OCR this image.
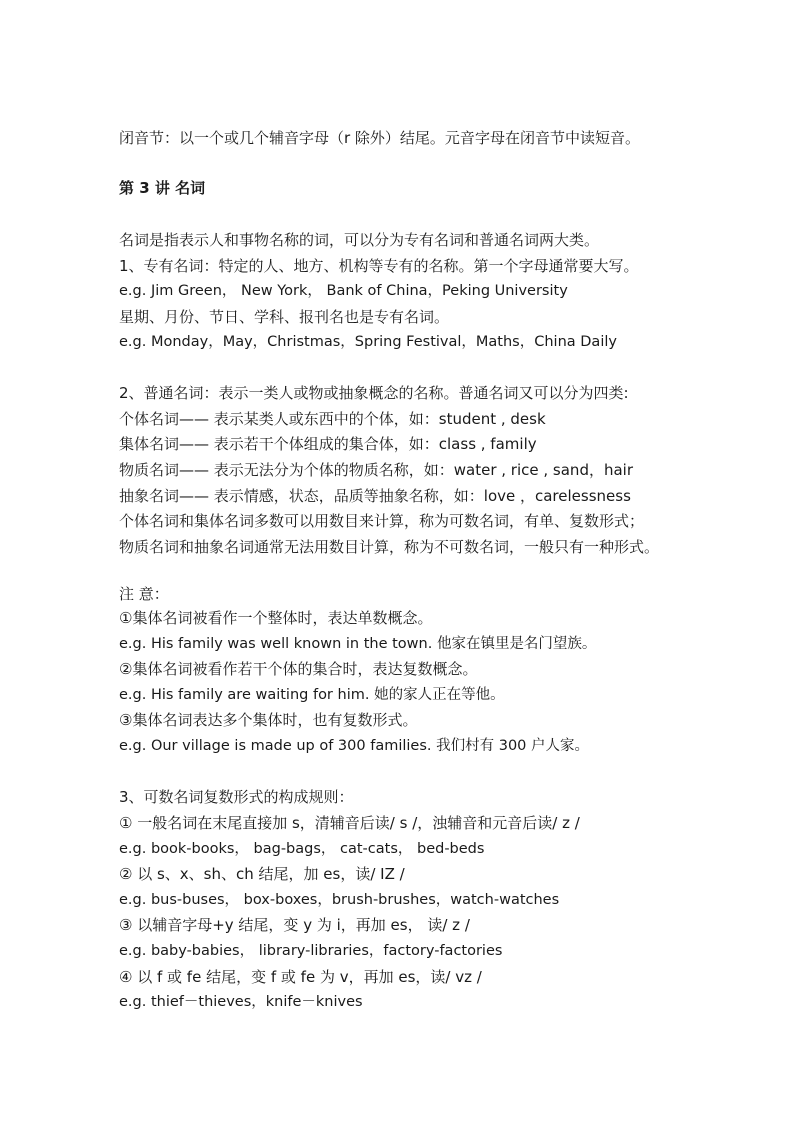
闭音节：以一个或几个辅音字母（r 除外）结尾。元音字母在闭音节中读短音。
第 3 讲 名词
名词是指表示人和事物名称的词，可以分为专有名词和普通名词两大类。
1、专有名词：特定的人、地方、机构等专有的名称。第一个字母通常要大写。
e.g. Jim Green， New York， Bank of China，Peking University
星期、月份、节日、学科、报刊名也是专有名词。
e.g. Monday，May，Christmas，Spring Festival，Maths，China Daily
2、普通名词：表示一类人或物或抽象概念的名称。普通名词又可以分为四类:
个体名词—— 表示某类人或东西中的个体，如：student , desk
集体名词—— 表示若干个体组成的集合体，如：class , family
物质名词—— 表示无法分为个体的物质名称，如：water , rice , sand，hair
抽象名词—— 表示情感，状态，品质等抽象名称，如：love ，carelessness
个体名词和集体名词多数可以用数目来计算，称为可数名词，有单、复数形式；
物质名词和抽象名词通常无法用数目计算，称为不可数名词，一般只有一种形式。
注 意：
①集体名词被看作一个整体时，表达单数概念。
e.g. His family was well known in the town. 他家在镇里是名门望族。
②集体名词被看作若干个体的集合时，表达复数概念。
e.g. His family are waiting for him. 她的家人正在等他。
③集体名词表达多个集体时，也有复数形式。
e.g. Our village is made up of 300 families. 我们村有 300 户人家。
3、可数名词复数形式的构成规则：
① 一般名词在末尾直接加 s，清辅音后读/ s /，浊辅音和元音后读/ z /
e.g. book-books， bag-bags， cat-cats， bed-beds
② 以 s、x、sh、ch 结尾，加 es，读/ IZ /
e.g. bus-buses， box-boxes，brush-brushes，watch-watches
③ 以辅音字母+y 结尾，变 y 为 i，再加 es， 读/ z /
e.g. baby-babies， library-libraries，factory-factories
④ 以 f 或 fe 结尾，变 f 或 fe 为 v，再加 es，读/ vz /
e.g. thief－thieves，knife－knives
